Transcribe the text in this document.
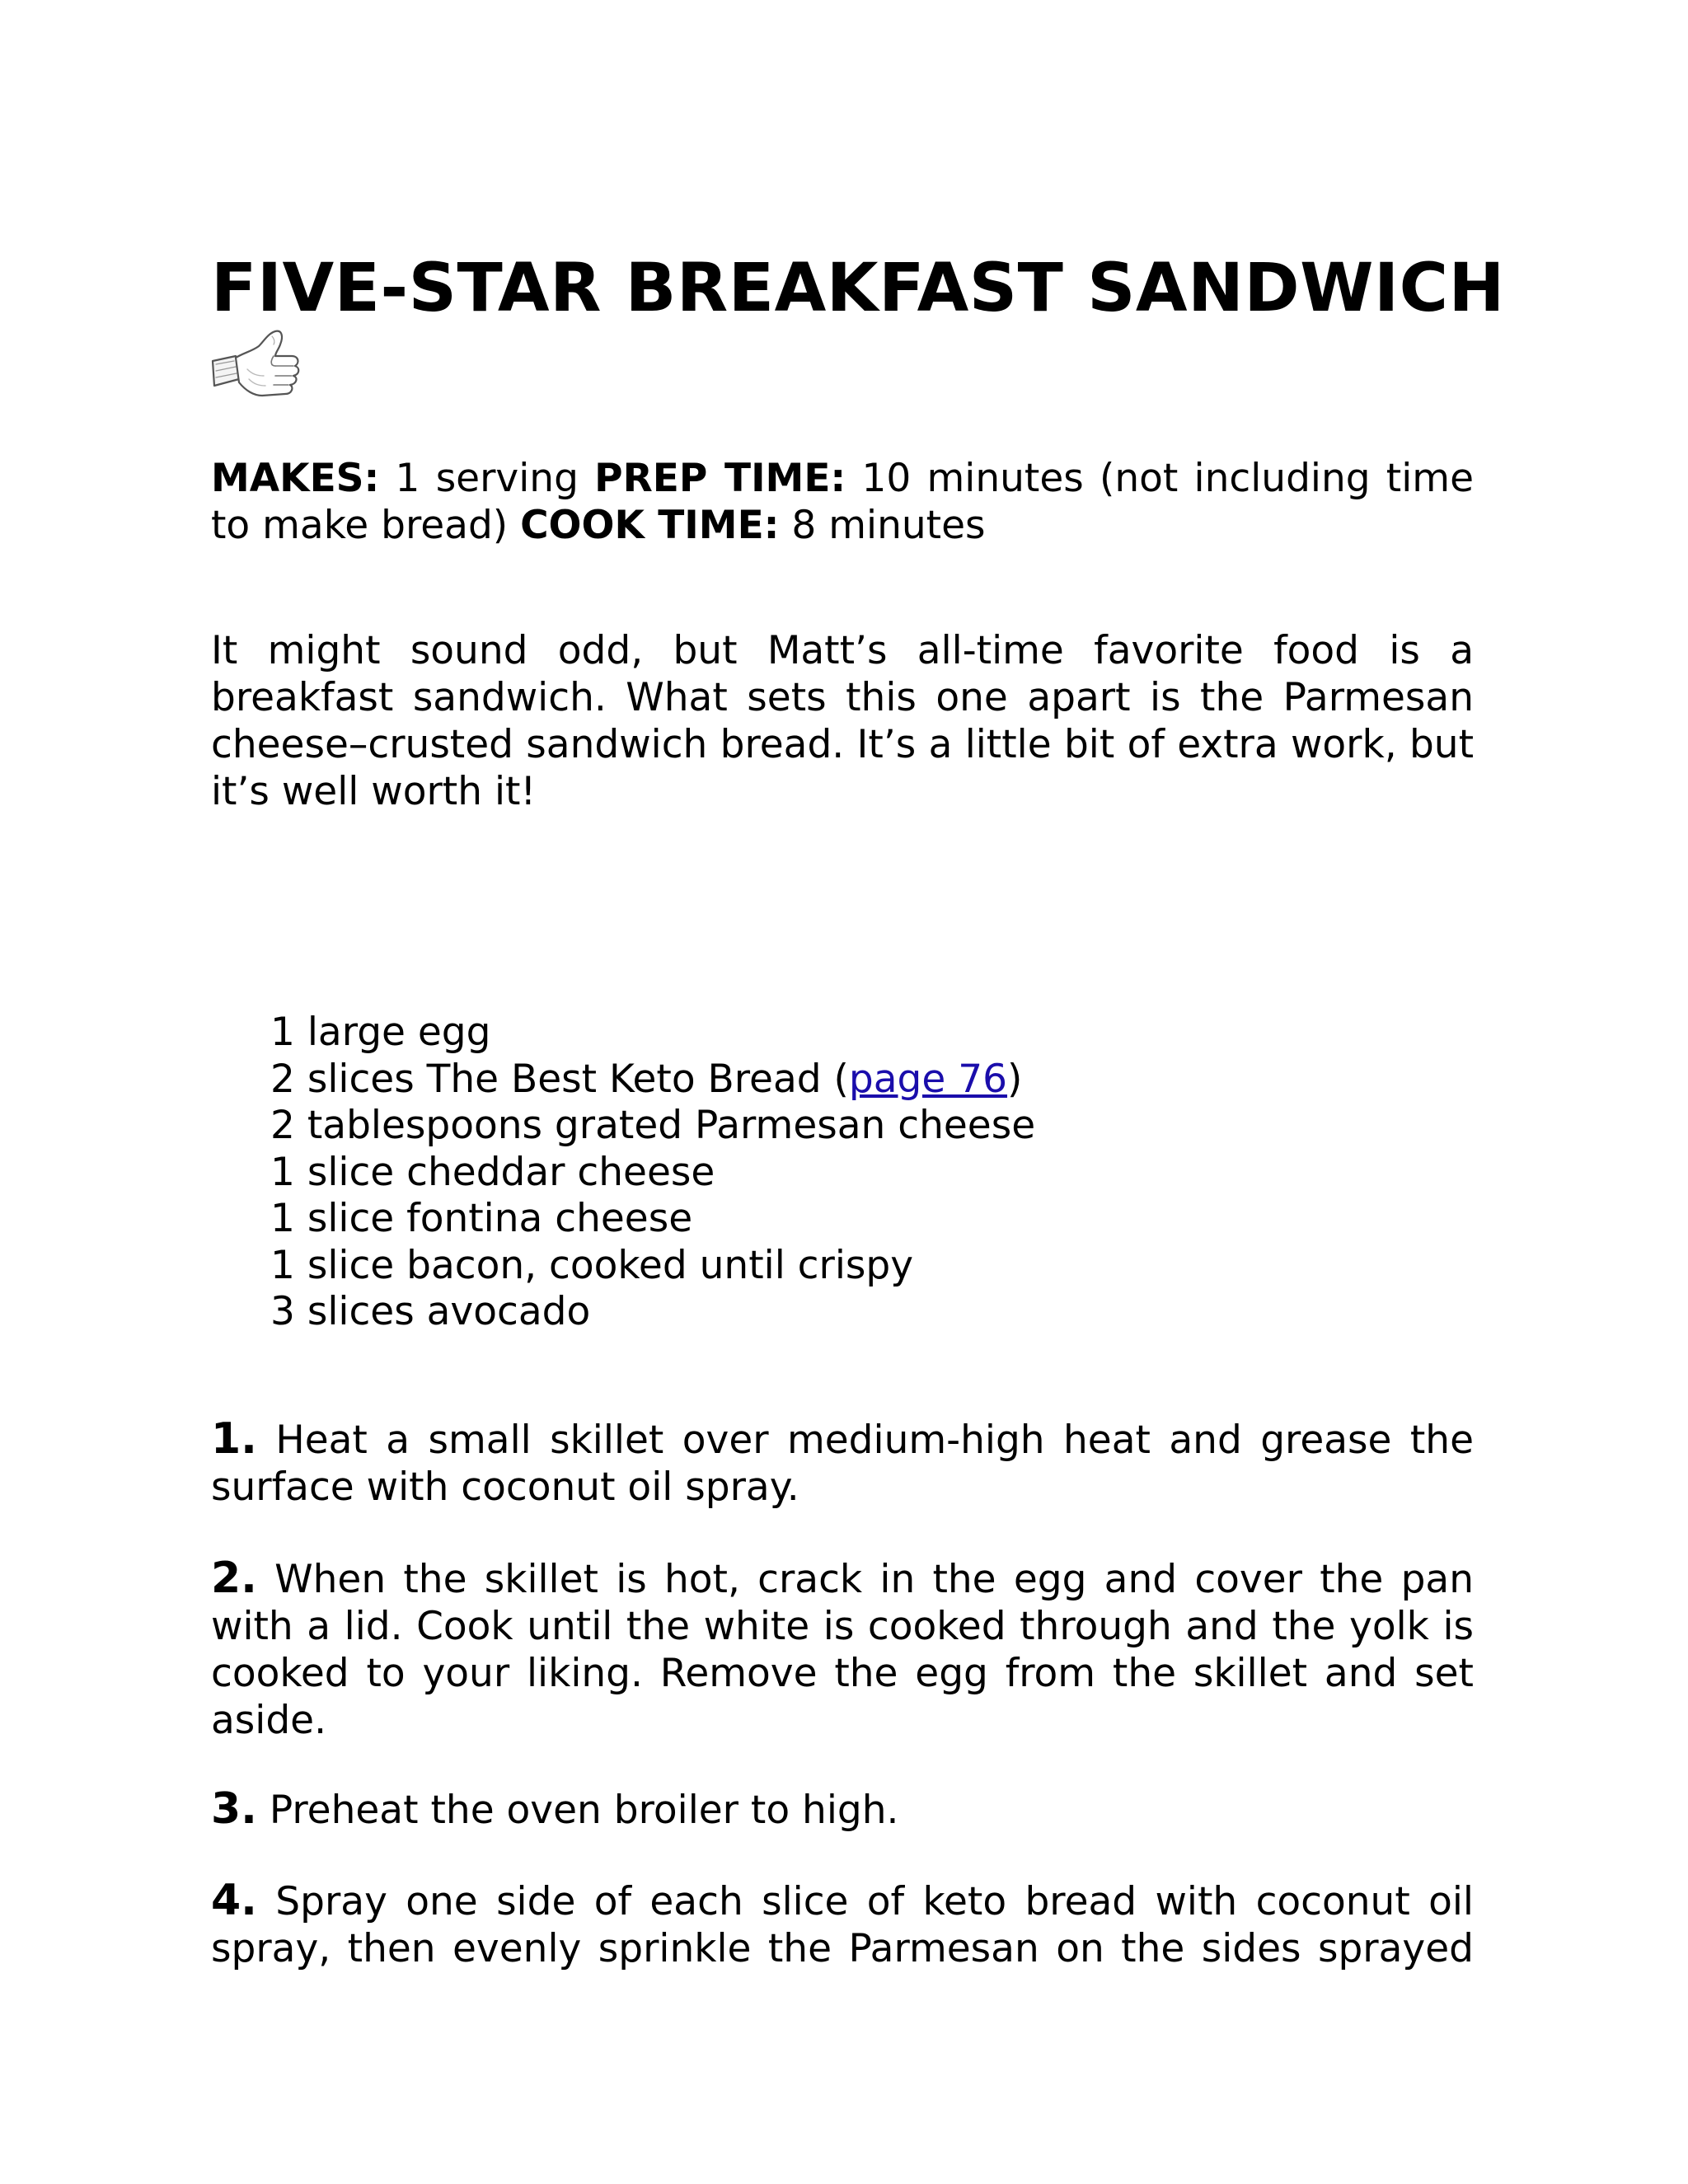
FIVE-STAR BREAKFAST SANDWICH

MAKES: 1 serving PREP TIME: 10 minutes (not including time to make bread) COOK TIME: 8 minutes

It might sound odd, but Matt’s all-time favorite food is a breakfast sandwich. What sets this one apart is the Parmesan cheese–crusted sandwich bread. It’s a little bit of extra work, but it’s well worth it!

1 large egg
2 slices The Best Keto Bread (page 76)
2 tablespoons grated Parmesan cheese
1 slice cheddar cheese
1 slice fontina cheese
1 slice bacon, cooked until crispy
3 slices avocado

1. Heat a small skillet over medium-high heat and grease the surface with coconut oil spray.

2. When the skillet is hot, crack in the egg and cover the pan with a lid. Cook until the white is cooked through and the yolk is cooked to your liking. Remove the egg from the skillet and set aside.

3. Preheat the oven broiler to high.

4. Spray one side of each slice of keto bread with coconut oil spray, then evenly sprinkle the Parmesan on the sides sprayed
